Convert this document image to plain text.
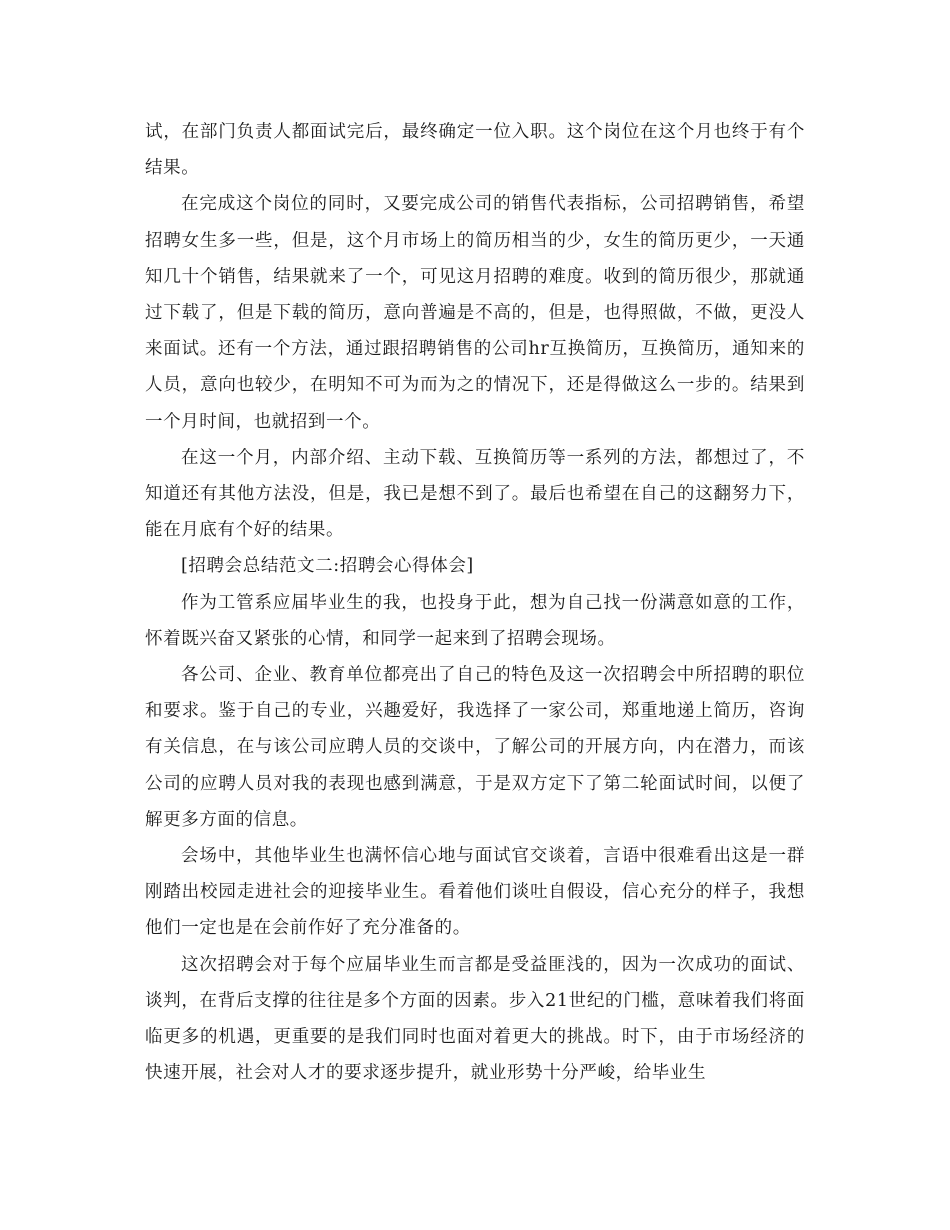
试，在部门负责人都面试完后，最终确定一位入职。这个岗位在这个月也终于有个结果。

在完成这个岗位的同时，又要完成公司的销售代表指标，公司招聘销售，希望招聘女生多一些，但是，这个月市场上的简历相当的少，女生的简历更少，一天通知几十个销售，结果就来了一个，可见这月招聘的难度。收到的简历很少，那就通过下载了，但是下载的简历，意向普遍是不高的，但是，也得照做，不做，更没人来面试。还有一个方法，通过跟招聘销售的公司hr互换简历，互换简历，通知来的人员，意向也较少，在明知不可为而为之的情况下，还是得做这么一步的。结果到一个月时间，也就招到一个。

在这一个月，内部介绍、主动下载、互换简历等一系列的方法，都想过了，不知道还有其他方法没，但是，我已是想不到了。最后也希望在自己的这翻努力下，能在月底有个好的结果。

[招聘会总结范文二:招聘会心得体会]

作为工管系应届毕业生的我，也投身于此，想为自己找一份满意如意的工作，怀着既兴奋又紧张的心情，和同学一起来到了招聘会现场。

各公司、企业、教育单位都亮出了自己的特色及这一次招聘会中所招聘的职位和要求。鉴于自己的专业，兴趣爱好，我选择了一家公司，郑重地递上简历，咨询有关信息，在与该公司应聘人员的交谈中，了解公司的开展方向，内在潜力，而该公司的应聘人员对我的表现也感到满意，于是双方定下了第二轮面试时间，以便了解更多方面的信息。

会场中，其他毕业生也满怀信心地与面试官交谈着，言语中很难看出这是一群刚踏出校园走进社会的迎接毕业生。看着他们谈吐自假设，信心充分的样子，我想他们一定也是在会前作好了充分准备的。

这次招聘会对于每个应届毕业生而言都是受益匪浅的，因为一次成功的面试、谈判，在背后支撑的往往是多个方面的因素。步入21世纪的门槛，意味着我们将面临更多的机遇，更重要的是我们同时也面对着更大的挑战。时下，由于市场经济的快速开展，社会对人才的要求逐步提升，就业形势十分严峻，给毕业生
